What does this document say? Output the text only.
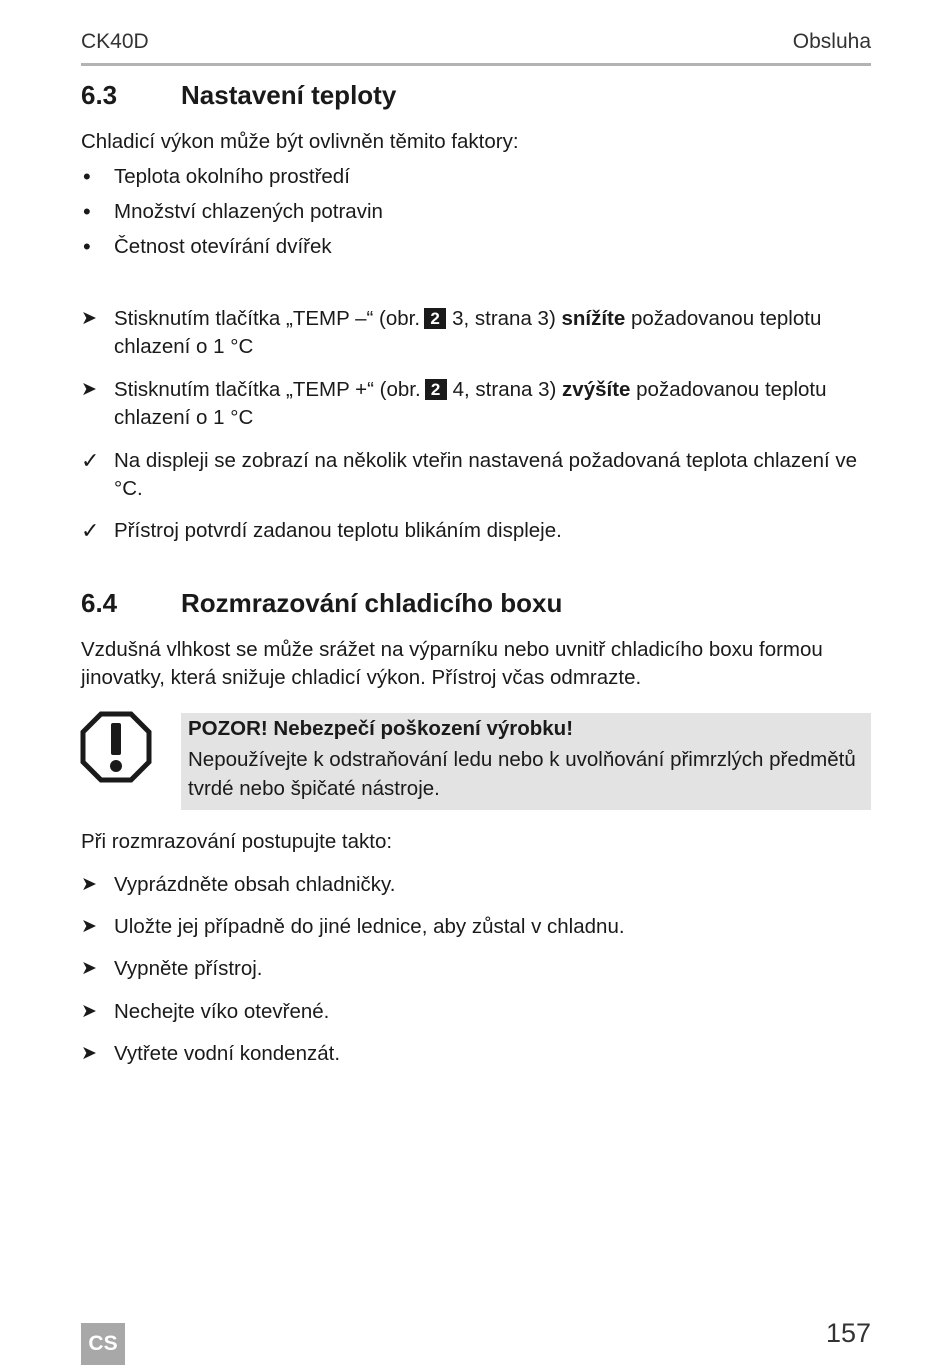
CK40D	Obsluha
6.3 Nastavení teploty

Chladicí výkon může být ovlivněn těmito faktory:

•	Teplota okolního prostředí
•	Množství chlazených potravin
•	Četnost otevírání dvířek
➤ Stisknutím tlačítka „TEMP –“ (obr. 2 3, strana 3) snížíte požadovanou teplotu
chlazení o 1 °C
➤ Stisknutím tlačítka „TEMP +“ (obr. 2 4, strana 3) zvýšíte požadovanou teplotu
chlazení o 1 °C
✓ Na displeji se zobrazí na několik vteřin nastavená požadovaná teplota chlazení ve °C.
✓ Přístroj potvrdí zadanou teplotu blikáním displeje.
6.4 Rozmrazování chladicího boxu

Vzdušná vlhkost se může srážet na výparníku nebo uvnitř chladicího boxu formou jinovatky, která snižuje chladicí výkon. Přístroj včas odmrazte.

POZOR! Nebezpečí poškození výrobku!
Nepoužívejte k odstraňování ledu nebo k uvolňování přimrzlých předmětů tvrdé nebo špičaté nástroje.

Při rozmrazování postupujte takto:

➤ Vyprázdněte obsah chladničky.
➤ Uložte jej případně do jiné lednice, aby zůstal v chladnu.
➤ Vypněte přístroj.
➤ Nechejte víko otevřené.
➤ Vytřete vodní kondenzát.
CS	157
